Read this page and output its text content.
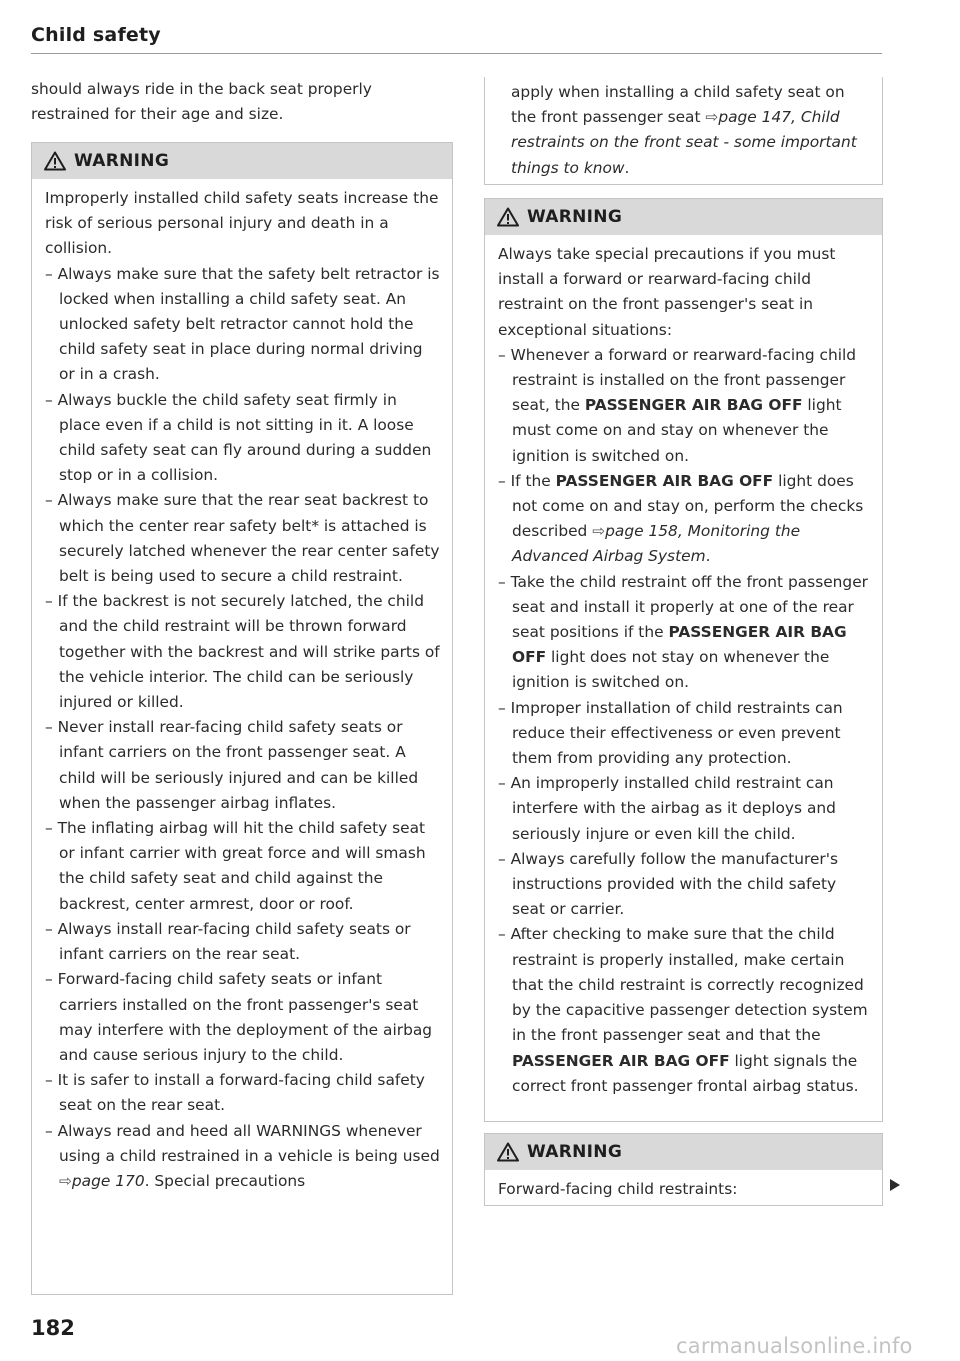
Child safety
should always ride in the back seat properly restrained for their age and size.
WARNING

Improperly installed child safety seats increase the risk of serious personal injury and death in a collision.

– Always make sure that the safety belt retractor is locked when installing a child safety seat. An unlocked safety belt retractor cannot hold the child safety seat in place during normal driving or in a crash.
– Always buckle the child safety seat firmly in place even if a child is not sitting in it. A loose child safety seat can fly around during a sudden stop or in a collision.
– Always make sure that the rear seat backrest to which the center rear safety belt* is attached is securely latched whenever the rear center safety belt is being used to secure a child restraint.
– If the backrest is not securely latched, the child and the child restraint will be thrown forward together with the backrest and will strike parts of the vehicle interior. The child can be seriously injured or killed.
– Never install rear-facing child safety seats or infant carriers on the front passenger seat. A child will be seriously injured and can be killed when the passenger airbag inflates.
– The inflating airbag will hit the child safety seat or infant carrier with great force and will smash the child safety seat and child against the backrest, center armrest, door or roof.
– Always install rear-facing child safety seats or infant carriers on the rear seat.
– Forward-facing child safety seats or infant carriers installed on the front passenger's seat may interfere with the deployment of the airbag and cause serious injury to the child.
– It is safer to install a forward-facing child safety seat on the rear seat.
– Always read and heed all WARNINGS whenever using a child restrained in a vehicle is being used ⇨page 170. Special precautions

apply when installing a child safety seat on the front passenger seat ⇨page 147, Child restraints on the front seat - some important things to know.

WARNING

Always take special precautions if you must install a forward or rearward-facing child restraint on the front passenger's seat in exceptional situations:

– Whenever a forward or rearward-facing child restraint is installed on the front passenger seat, the PASSENGER AIR BAG OFF light must come on and stay on whenever the ignition is switched on.
– If the PASSENGER AIR BAG OFF light does not come on and stay on, perform the checks described ⇨page 158, Monitoring the Advanced Airbag System.
– Take the child restraint off the front passenger seat and install it properly at one of the rear seat positions if the PASSENGER AIR BAG OFF light does not stay on whenever the ignition is switched on.
– Improper installation of child restraints can reduce their effectiveness or even prevent them from providing any protection.
– An improperly installed child restraint can interfere with the airbag as it deploys and seriously injure or even kill the child.
– Always carefully follow the manufacturer's instructions provided with the child safety seat or carrier.
– After checking to make sure that the child restraint is properly installed, make certain that the child restraint is correctly recognized by the capacitive passenger detection system in the front passenger seat and that the PASSENGER AIR BAG OFF light signals the correct front passenger frontal airbag status.
WARNING

Forward-facing child restraints:

182
carmanualsonline.info
